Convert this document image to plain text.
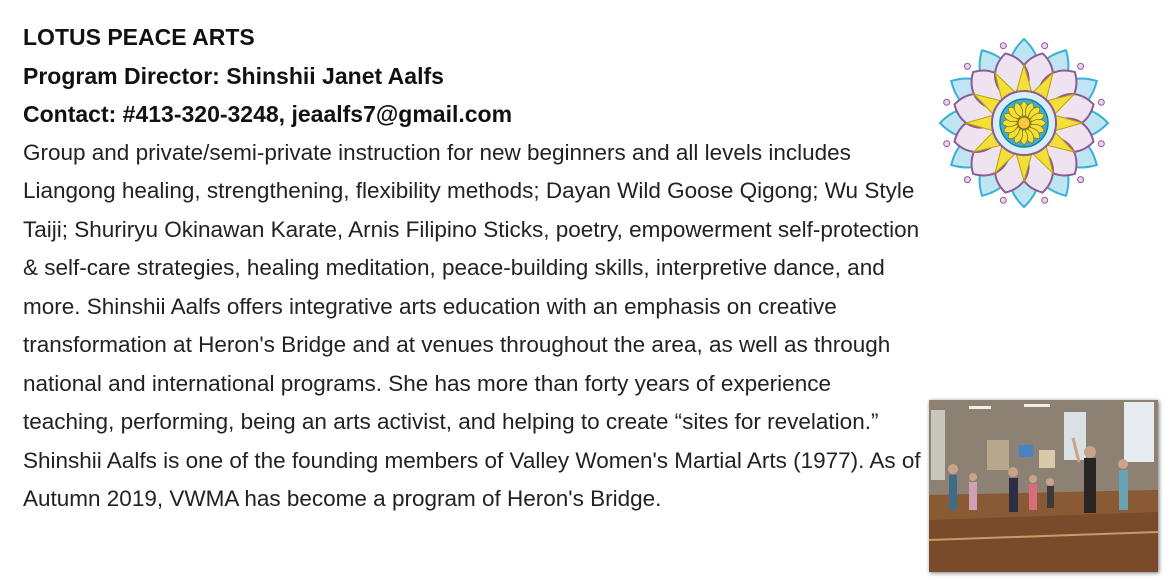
LOTUS PEACE ARTS
Program Director: Shinshii Janet Aalfs
Contact: #413-320-3248, jeaalfs7@gmail.com

Group and private/semi-private instruction for new beginners and all levels includes Liangong healing, strengthening, flexibility methods; Dayan Wild Goose Qigong; Wu Style Taiji; Shuriryu Okinawan Karate, Arnis Filipino Sticks, poetry, empowerment self-protection & self-care strategies, healing meditation, peace-building skills, interpretive dance, and more. Shinshii Aalfs offers integrative arts education with an emphasis on creative transformation at Heron's Bridge and at venues throughout the area, as well as through national and international programs. She has more than forty years of experience teaching, performing, being an arts activist, and helping to create “sites for revelation.” Shinshii Aalfs is one of the founding members of Valley Women's Martial Arts (1977). As of Autumn 2019, VWMA has become a program of Heron's Bridge.
